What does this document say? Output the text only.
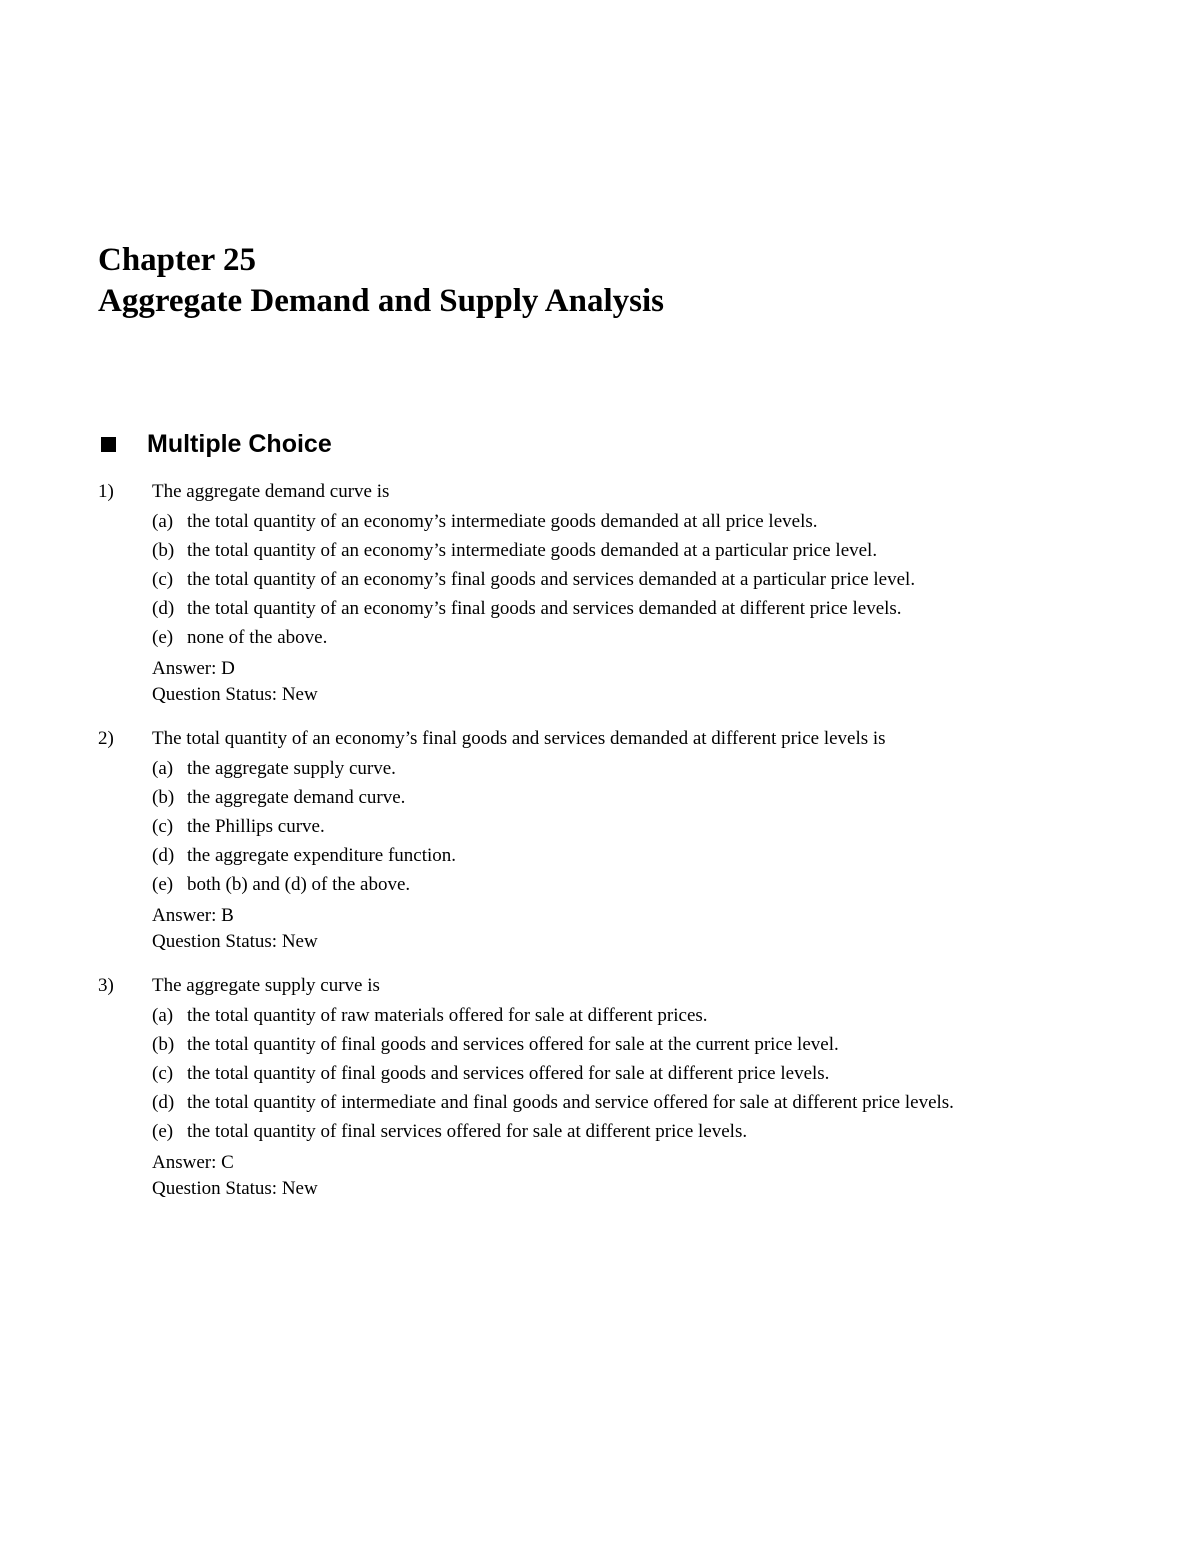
Chapter 25
Aggregate Demand and Supply Analysis
Multiple Choice
1) The aggregate demand curve is
(a) the total quantity of an economy’s intermediate goods demanded at all price levels.
(b) the total quantity of an economy’s intermediate goods demanded at a particular price level.
(c) the total quantity of an economy’s final goods and services demanded at a particular price level.
(d) the total quantity of an economy’s final goods and services demanded at different price levels.
(e) none of the above.
Answer: D
Question Status: New
2) The total quantity of an economy’s final goods and services demanded at different price levels is
(a) the aggregate supply curve.
(b) the aggregate demand curve.
(c) the Phillips curve.
(d) the aggregate expenditure function.
(e) both (b) and (d) of the above.
Answer: B
Question Status: New
3) The aggregate supply curve is
(a) the total quantity of raw materials offered for sale at different prices.
(b) the total quantity of final goods and services offered for sale at the current price level.
(c) the total quantity of final goods and services offered for sale at different price levels.
(d) the total quantity of intermediate and final goods and service offered for sale at different price levels.
(e) the total quantity of final services offered for sale at different price levels.
Answer: C
Question Status: New
